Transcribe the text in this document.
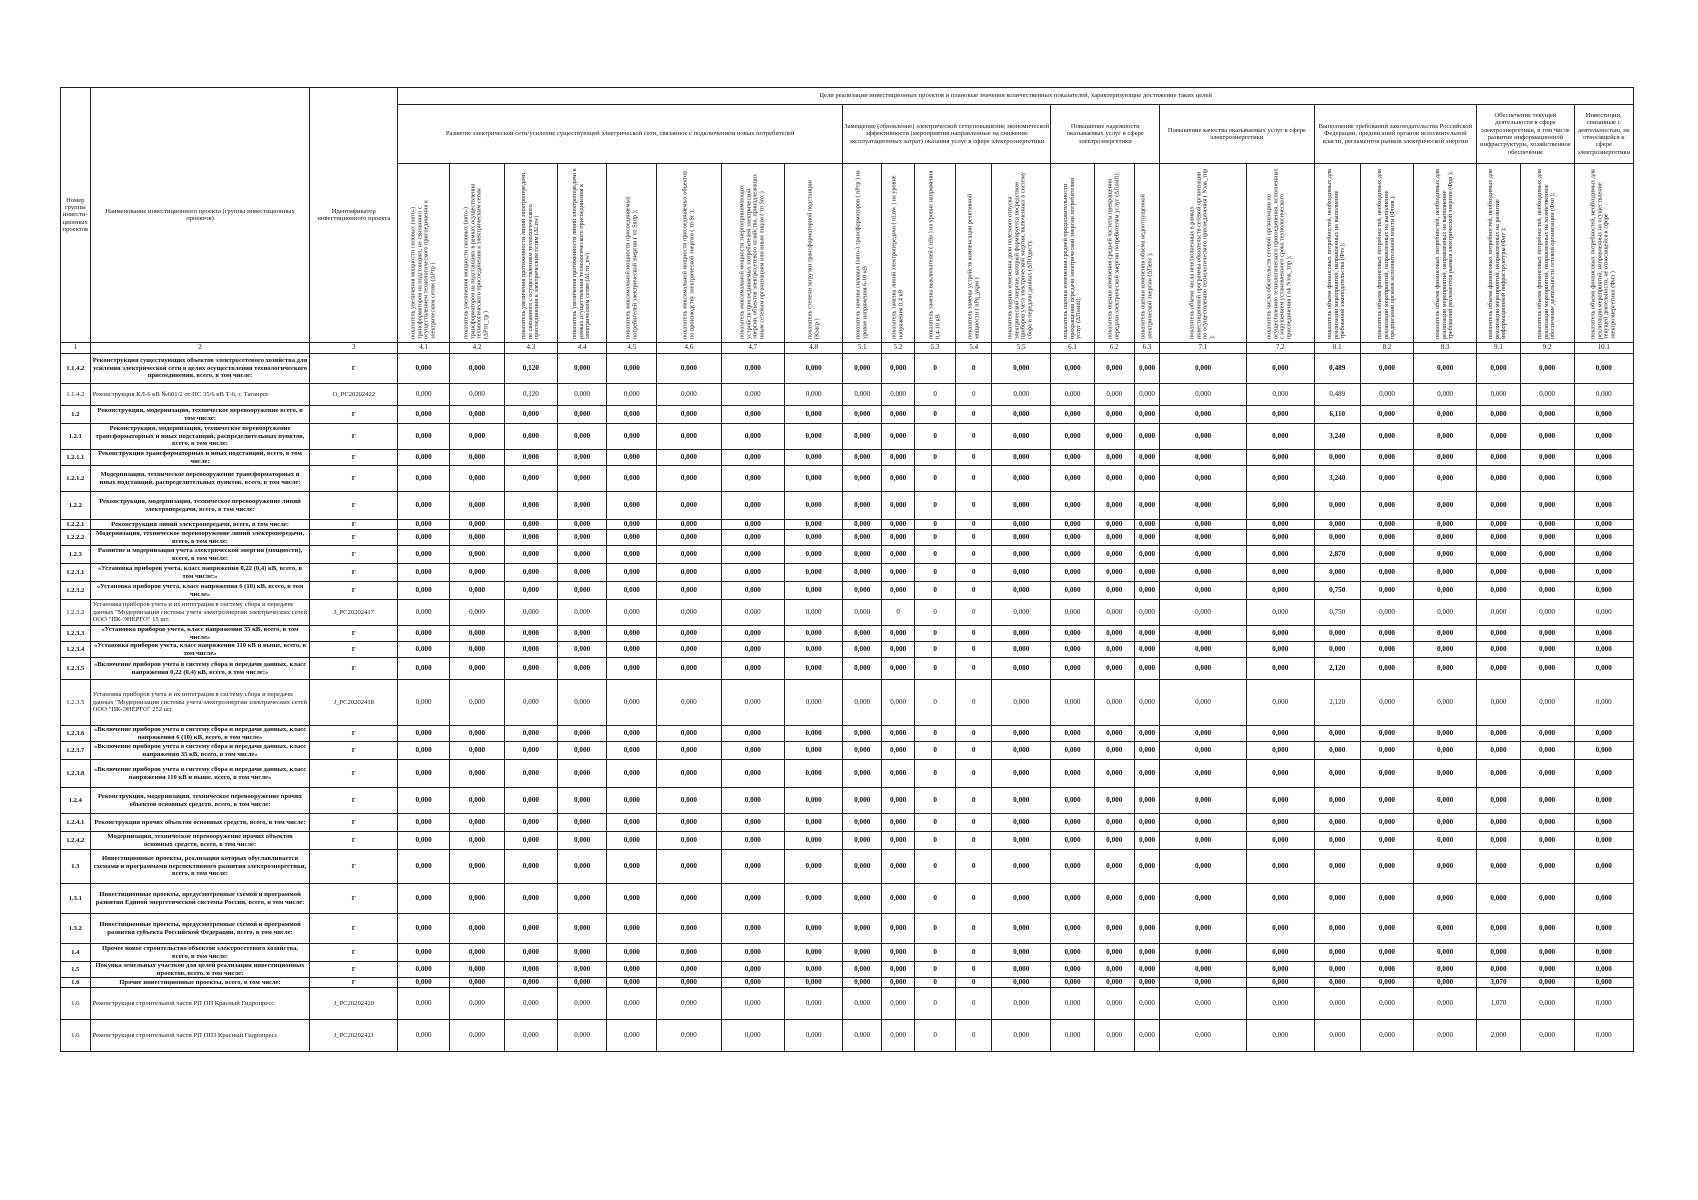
Номер группы инвести-ционных проектов	Наименование инвестиционного проекта (группы инвестиционных проектов)	Идентификатор инвестиционного проекта	Цели реализации инвестиционных проектов и плановые значения количественных показателей, характеризующие достижение таких целей																							
			Развитие электрической сети/усиление существующей электрической сети, связанное с подключением новых потребителей								Замещение (обновление) электрической сети/повышение экономической эффективности (мероприятия направленные на снижение эксплуатационных затрат) оказания услуг в сфере электроэнергетики					Повышение надежности оказываемых услуг в сфере электроэнергетики			Повышение качества оказываемых услуг в сфере электроэнергетики		Выполнение требований законодательства Российской Федерации, предписаний органов исполнительной власти, регламентов рынков электрической энергии			Обеспечение текущей деятельности в сфере электроэнергетики, в том числе развитие информационной инфраструктуры, хозяйственное обеспечение		Инвестиции, связанные с деятельностью, не относящейся к сфере электроэнергетики

			показатель увеличения мощности силовых (авто-) трансформаторов на подстанциях, не связанного с осуществлением технологического присоединения к электрическим сетям (ΔPтр )	показатель увеличения мощности силовых (авто-) трансформаторов на подстанциях в рамках осуществления технологического присоединения к электрическим сетям (ΔPтп_тр )	показатель увеличения протяженности линий электропередачи, не связанного с осуществлением технологического присоединения к электрическим сетям (ΔLnw)	показатель увеличения протяженности линий электропередачи в рамках осуществления технологического присоединения к электрическим сетям (ΔLтп_nw)	показатель максимальной мощности присоединяемых потребителей электрической энергии ( тп Snпр );	показатель максимальной мощности присоединяемых объектов по производству электрической энергии ( тп Sг );	показатель максимальной мощности энергопринимающих устройств присоединяемых потребителей электрической энергии, объектов электросетевого хозяйства, принадлежащих иным сетевым организациям или иным лицам ( тп Sвх )	показатель степени загрузки трансформаторной подстанции (Кзагр )	показатель замены силовых (авто-) трансформаторов ( nPтр ) на уровне напряжения 6-10 кВ	показатель замены линий электропередачи ( nLnw ) на уровне напряжения 0,4 кВ	показатель замены выключателей ( nBв ) на уровне напряжения 0,4-10 кВ	показатель замены устройств компенсации реактивной мощности ( nPq_укрм )	показатель оценки изменения доли полезного отпуска электрической энергии, который формируется посредством приборов учета электрической энергии, включенных в систему сбора и передачи данных (ΔПОдист);	показатель оценки изменения средней продолжительности прекращения передачи электрической энергии потребителям услуг (ΔПsaidi);	показатель оценки изменения средней частоты прекращения передачи электрической энергии потребителям услуг (ΔПsaifi);	показатель оценки изменения объема недоотпущенной электрической энергии (ΔПens );	показатель объема числа неисполненных в рамках инвестиционной программы обязательств сетевой организации по осуществлению технологического присоединения ( Nзак_тпр );	показатель числа обязательств сетевой организации по осуществлению технологического присоединения, исполненных с нарушением установленного срока технологического присоединения ( ok Nзак_тпр );	показатель объема финансовых потребностей, необходимых для реализации мероприятий, направленных на выполнение требований законодательства (Фтз );	показатель объема финансовых потребностей, необходимых для реализации мероприятий, направленных на выполнение предписаний органов исполнительной власти (Фпив );	показатель объема финансовых потребностей, необходимых для реализации мероприятий, направленных на выполнение требований регламентов рынков электрической энергии (Фрр );	показатель объема финансовых потребностей, необходимых для реализации мероприятий, направленных на развитие информационной инфраструктуры (Фит );	показатель объема финансовых потребностей, необходимых для реализации мероприятий, направленных на хозяйственное обеспечение деятельности сетевой организации (Фхо );	показатель объема финансовых потребностей, необходимых для реализации мероприятий, направленных на осуществление текущей деятельности, не относящейся к сфере электроэнергетики (Фнэ )

1	2	3	4.1	4.2	4.3	4.4	4.5	4.6	4.7	4.8	5.1	5.2	5.3	5.4	5.5	6.1	6.2	6.3	7.1	7.2	8.1	8.2	8.3	9.1	9.2	10.1
1.1.4.2	Реконструкция существующих объектов электросетевого хозяйства для усиления электрической сети в целях осуществления технологического присоединения, всего, в том числе:	Г	0,000	0,000	0,120	0,000	0,000	0,000	0,000	0,000	0,000	0,000	0	0	0,000	0,000	0,000	0,000	0,000	0,000	0,489	0,000	0,000	0,000	0,000	0,000
1.1.4.2	Реконструкция КЛ-6 кВ №601/2 от ПС 35/6 кВ Т-6, г. Таганрог.	О_РС20202422	0,000	0,000	0,120	0,000	0,000	0,000	0,000	0,000	0,000	0,000	0	0	0,000	0,000	0,000	0,000	0,000	0,000	0,489	0,000	0,000	0,000	0,000	0,000
1.2	Реконструкция, модернизация, техническое перевооружение всего, в том числе:	Г	0,000	0,000	0,000	0,000	0,000	0,000	0,000	0,000	0,000	0,000	0	0	0,000	0,000	0,000	0,000	0,000	0,000	6,110	0,000	0,000	0,000	0,000	0,000
1.2.1	Реконструкция, модернизация, техническое перевооружение трансформаторных и иных подстанций, распределительных пунктов, всего, в том числе:	Г	0,000	0,000	0,000	0,000	0,000	0,000	0,000	0,000	0,000	0,000	0	0	0,000	0,000	0,000	0,000	0,000	0,000	3,240	0,000	0,000	0,000	0,000	0,000
1.2.1.1	Реконструкция трансформаторных и иных подстанций, всего, в том числе:	Г	0,000	0,000	0,000	0,000	0,000	0,000	0,000	0,000	0,000	0,000	0	0	0,000	0,000	0,000	0,000	0,000	0,000	0,000	0,000	0,000	0,000	0,000	0,000
1.2.1.2	Модернизация, техническое перевооружение трансформаторных и иных подстанций, распределительных пунктов, всего, в том числе:	Г	0,000	0,000	0,000	0,000	0,000	0,000	0,000	0,000	0,000	0,000	0	0	0,000	0,000	0,000	0,000	0,000	0,000	3,240	0,000	0,000	0,000	0,000	0,000
1.2.2	Реконструкция, модернизация, техническое перевооружение линий электропередачи, всего, в том числе:	Г	0,000	0,000	0,000	0,000	0,000	0,000	0,000	0,000	0,000	0,000	0	0	0,000	0,000	0,000	0,000	0,000	0,000	0,000	0,000	0,000	0,000	0,000	0,000
1.2.2.1	Реконструкция линий электропередачи, всего, в том числе:	Г	0,000	0,000	0,000	0,000	0,000	0,000	0,000	0,000	0,000	0,000	0	0	0,000	0,000	0,000	0,000	0,000	0,000	0,000	0,000	0,000	0,000	0,000	0,000
1.2.2.2	Модернизация, техническое перевооружение линий электропередачи, всего, в том числе:	Г	0,000	0,000	0,000	0,000	0,000	0,000	0,000	0,000	0,000	0,000	0	0	0,000	0,000	0,000	0,000	0,000	0,000	0,000	0,000	0,000	0,000	0,000	0,000
1.2.3	Развитие и модернизация учета электрической энергии (мощности), всего, в том числе:	Г	0,000	0,000	0,000	0,000	0,000	0,000	0,000	0,000	0,000	0,000	0	0	0,000	0,000	0,000	0,000	0,000	0,000	2,870	0,000	0,000	0,000	0,000	0,000
1.2.3.1	«Установка приборов учета, класс напряжения 0,22 (0,4) кВ, всего, в том числе:»	Г	0,000	0,000	0,000	0,000	0,000	0,000	0,000	0,000	0,000	0,000	0	0	0,000	0,000	0,000	0,000	0,000	0,000	0,000	0,000	0,000	0,000	0,000	0,000
1.2.3.2	«Установка приборов учета, класс напряжения 6 (10) кВ, всего, в том числе»	Г	0,000	0,000	0,000	0,000	0,000	0,000	0,000	0,000	0,000	0,000	0	0	0,000	0,000	0,000	0,000	0,000	0,000	0,750	0,000	0,000	0,000	0,000	0,000
1.2.3.2	Установка приборов учета и их интеграция в систему сбора и передачи данных "Модернизация системы учета электроэнергии электрических сетей ООО "ПК-ЭНЕРГО" 15 шт.	J_PC20202417	0,000	0,000	0,000	0,000	0,000	0,000	0,000	0,000	0,000	0	0	0	0,000	0,000	0,000	0,000	0,000	0,000	0,750	0,000	0,000	0,000	0,000	0,000
1.2.3.3	«Установка приборов учета, класс напряжения 35 кВ, всего, в том числе»	Г	0,000	0,000	0,000	0,000	0,000	0,000	0,000	0,000	0,000	0,000	0	0	0,000	0,000	0,000	0,000	0,000	0,000	0,000	0,000	0,000	0,000	0,000	0,000
1.2.3.4	«Установка приборов учета, класс напряжения 110 кВ и выше, всего, в том числе»	Г	0,000	0,000	0,000	0,000	0,000	0,000	0,000	0,000	0,000	0,000	0	0	0,000	0,000	0,000	0,000	0,000	0,000	0,000	0,000	0,000	0,000	0,000	0,000
1.2.3.5	«Включение приборов учета в систему сбора и передачи данных, класс напряжения 0,22 (0,4) кВ, всего, в том числе:»	Г	0,000	0,000	0,000	0,000	0,000	0,000	0,000	0,000	0,000	0,000	0	0	0,000	0,000	0,000	0,000	0,000	0,000	2,120	0,000	0,000	0,000	0,000	0,000
1.2.3.5	Установка приборов учета и их интеграция в систему сбора и передачи данных "Модернизация системы учета электроэнергии электрических сетей ООО "ПК-ЭНЕРГО" 252 шт.	J_PC20202418	0,000	0,000	0,000	0,000	0,000	0,000	0,000	0,000	0,000	0,000	0	0	0,000	0,000	0,000	0,000	0,000	0,000	2,120	0,000	0,000	0,000	0,000	0,000
1.2.3.6	«Включение приборов учета в систему сбора и передачи данных, класс напряжения 6 (10) кВ, всего, в том числе»	Г	0,000	0,000	0,000	0,000	0,000	0,000	0,000	0,000	0,000	0,000	0	0	0,000	0,000	0,000	0,000	0,000	0,000	0,000	0,000	0,000	0,000	0,000	0,000
1.2.3.7	«Включение приборов учета в систему сбора и передачи данных, класс напряжения 35 кВ, всего, в том числе»	Г	0,000	0,000	0,000	0,000	0,000	0,000	0,000	0,000	0,000	0,000	0	0	0,000	0,000	0,000	0,000	0,000	0,000	0,000	0,000	0,000	0,000	0,000	0,000
1.2.3.8	«Включение приборов учета в систему сбора и передачи данных, класс напряжения 110 кВ и выше, всего, в том числе»	Г	0,000	0,000	0,000	0,000	0,000	0,000	0,000	0,000	0,000	0,000	0	0	0,000	0,000	0,000	0,000	0,000	0,000	0,000	0,000	0,000	0,000	0,000	0,000
1.2.4	Реконструкция, модернизация, техническое перевооружение прочих объектов основных средств, всего, в том числе:	Г	0,000	0,000	0,000	0,000	0,000	0,000	0,000	0,000	0,000	0,000	0	0	0,000	0,000	0,000	0,000	0,000	0,000	0,000	0,000	0,000	0,000	0,000	0,000
1.2.4.1	Реконструкция прочих объектов основных средств, всего, в том числе:	Г	0,000	0,000	0,000	0,000	0,000	0,000	0,000	0,000	0,000	0,000	0	0	0,000	0,000	0,000	0,000	0,000	0,000	0,000	0,000	0,000	0,000	0,000	0,000
1.2.4.2	Модернизация, техническое перевооружение прочих объектов основных средств, всего, в том числе:	Г	0,000	0,000	0,000	0,000	0,000	0,000	0,000	0,000	0,000	0,000	0	0	0,000	0,000	0,000	0,000	0,000	0,000	0,000	0,000	0,000	0,000	0,000	0,000
1.3	Инвестиционные проекты, реализация которых обуславливается схемами и программами перспективного развития электроэнергетики, всего, в том числе:	Г	0,000	0,000	0,000	0,000	0,000	0,000	0,000	0,000	0,000	0,000	0	0	0,000	0,000	0,000	0,000	0,000	0,000	0,000	0,000	0,000	0,000	0,000	0,000
1.3.1	Инвестиционные проекты, предусмотренные схемой и программой развития Единой энергетической системы России, всего, в том числе:	Г	0,000	0,000	0,000	0,000	0,000	0,000	0,000	0,000	0,000	0,000	0	0	0,000	0,000	0,000	0,000	0,000	0,000	0,000	0,000	0,000	0,000	0,000	0,000
1.3.2	Инвестиционные проекты, предусмотренные схемой и программой развития субъекта Российской Федерации, всего, в том числе:	Г	0,000	0,000	0,000	0,000	0,000	0,000	0,000	0,000	0,000	0,000	0	0	0,000	0,000	0,000	0,000	0,000	0,000	0,000	0,000	0,000	0,000	0,000	0,000
1.4	Прочее новое строительство объектов электросетевого хозяйства, всего, в том числе:	Г	0,000	0,000	0,000	0,000	0,000	0,000	0,000	0,000	0,000	0,000	0	0	0,000	0,000	0,000	0,000	0,000	0,000	0,000	0,000	0,000	0,000	0,000	0,000
1.5	Покупка земельных участков для целей реализации инвестиционных проектов, всего, в том числе:	Г	0,000	0,000	0,000	0,000	0,000	0,000	0,000	0,000	0,000	0,000	0	0	0,000	0,000	0,000	0,000	0,000	0,000	0,000	0,000	0,000	0,000	0,000	0,000
1.6	Прочие инвестиционные проекты, всего, в том числе:	Г	0,000	0,000	0,000	0,000	0,000	0,000	0,000	0,000	0,000	0,000	0	0	0,000	0,000	0,000	0,000	0,000	0,000	0,000	0,000	0,000	3,070	0,000	0,000
1.6	Реконструкция строительной части РП ПП Красный Гидропресс	J_PC20202420	0,000	0,000	0,000	0,000	0,000	0,000	0,000	0,000	0,000	0,000	0	0	0,000	0,000	0,000	0,000	0,000	0,000	0,000	0,000	0,000	1,070	0,000	0,000
1.6	Реконструкция строительной части РП ПП3 Красный Гидропресс	J_PC20202421	0,000	0,000	0,000	0,000	0,000	0,000	0,000	0,000	0,000	0,000	0	0	0,000	0,000	0,000	0,000	0,000	0,000	0,000	0,000	0,000	2,000	0,000	0,000
